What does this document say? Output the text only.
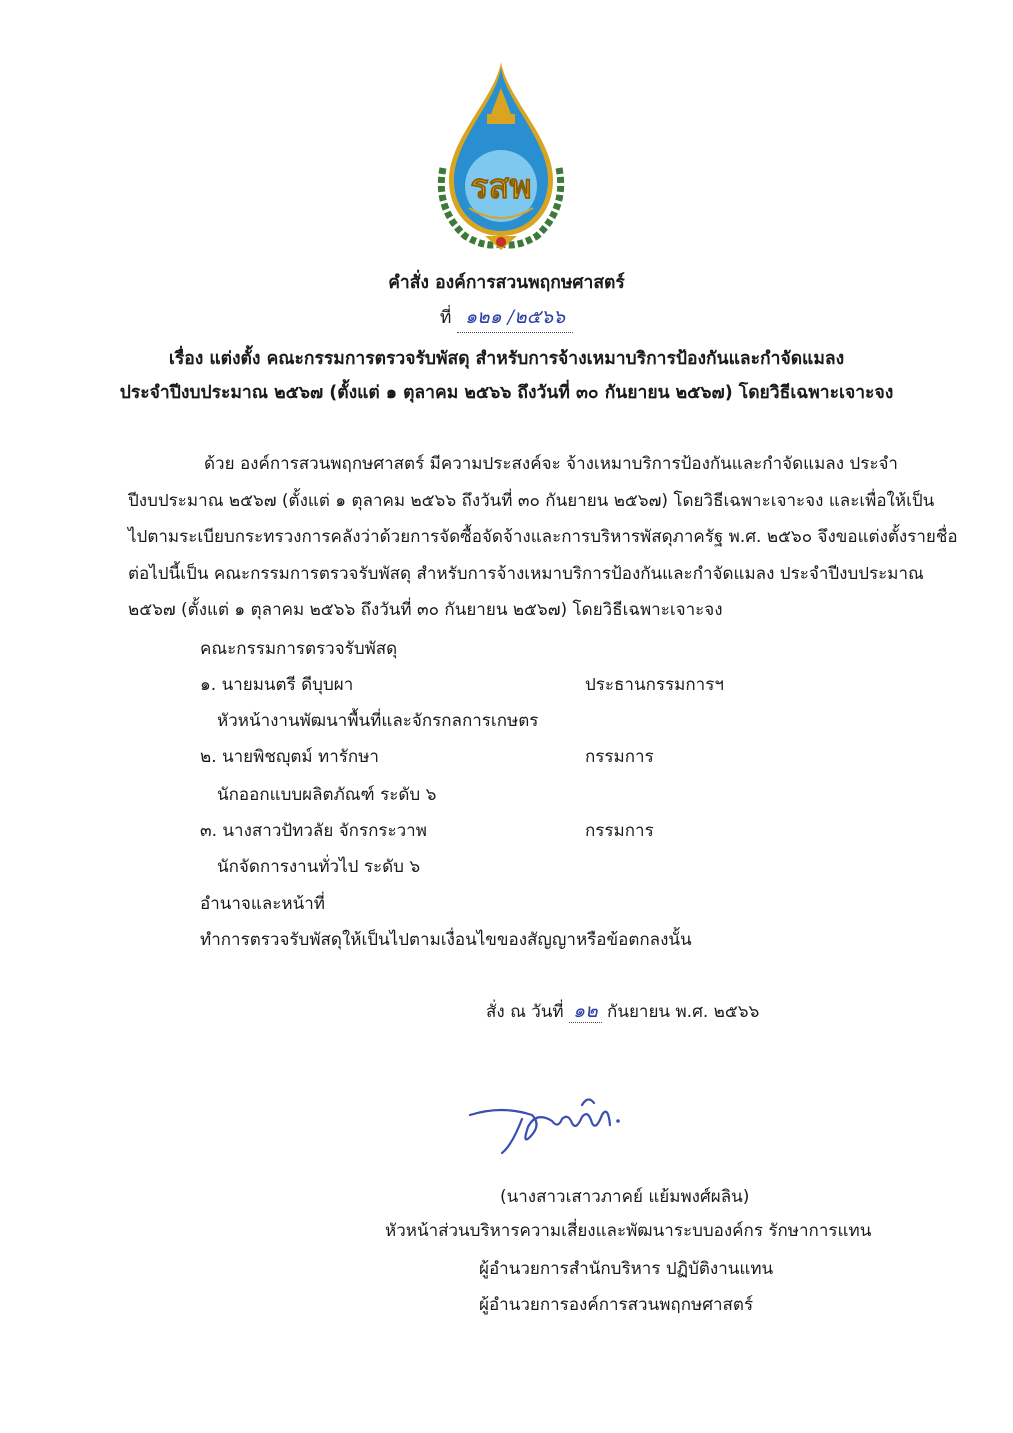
รสพ
คำสั่ง องค์การสวนพฤกษศาสตร์
ที่ ๑๒๑ /๒๕๖๖
เรื่อง แต่งตั้ง คณะกรรมการตรวจรับพัสดุ สำหรับการจ้างเหมาบริการป้องกันและกำจัดแมลง
ประจำปีงบประมาณ ๒๕๖๗ (ตั้งแต่ ๑ ตุลาคม ๒๕๖๖ ถึงวันที่ ๓๐ กันยายน ๒๕๖๗) โดยวิธีเฉพาะเจาะจง
ด้วย องค์การสวนพฤกษศาสตร์ มีความประสงค์จะ จ้างเหมาบริการป้องกันและกำจัดแมลง ประจำ
ปีงบประมาณ ๒๕๖๗ (ตั้งแต่ ๑ ตุลาคม ๒๕๖๖ ถึงวันที่ ๓๐ กันยายน ๒๕๖๗) โดยวิธีเฉพาะเจาะจง และเพื่อให้เป็น
ไปตามระเบียบกระทรวงการคลังว่าด้วยการจัดซื้อจัดจ้างและการบริหารพัสดุภาครัฐ พ.ศ. ๒๕๖๐ จึงขอแต่งตั้งรายชื่อ
ต่อไปนี้เป็น คณะกรรมการตรวจรับพัสดุ สำหรับการจ้างเหมาบริการป้องกันและกำจัดแมลง ประจำปีงบประมาณ
๒๕๖๗ (ตั้งแต่ ๑ ตุลาคม ๒๕๖๖ ถึงวันที่ ๓๐ กันยายน ๒๕๖๗) โดยวิธีเฉพาะเจาะจง
คณะกรรมการตรวจรับพัสดุ
๑. นายมนตรี ดีบุบผา	ประธานกรรมการฯ
หัวหน้างานพัฒนาพื้นที่และจักรกลการเกษตร
๒. นายพิชญุตม์ ทารักษา	กรรมการ
นักออกแบบผลิตภัณฑ์ ระดับ ๖
๓. นางสาวปัทวลัย จักรกระวาพ	กรรมการ
นักจัดการงานทั่วไป ระดับ ๖
อำนาจและหน้าที่
ทำการตรวจรับพัสดุให้เป็นไปตามเงื่อนไขของสัญญาหรือข้อตกลงนั้น
สั่ง ณ วันที่ ๑๒ กันยายน พ.ศ. ๒๕๖๖
(นางสาวเสาวภาคย์ แย้มพงศ์ผลิน)
หัวหน้าส่วนบริหารความเสี่ยงและพัฒนาระบบองค์กร รักษาการแทน
ผู้อำนวยการสำนักบริหาร ปฏิบัติงานแทน
ผู้อำนวยการองค์การสวนพฤกษศาสตร์
